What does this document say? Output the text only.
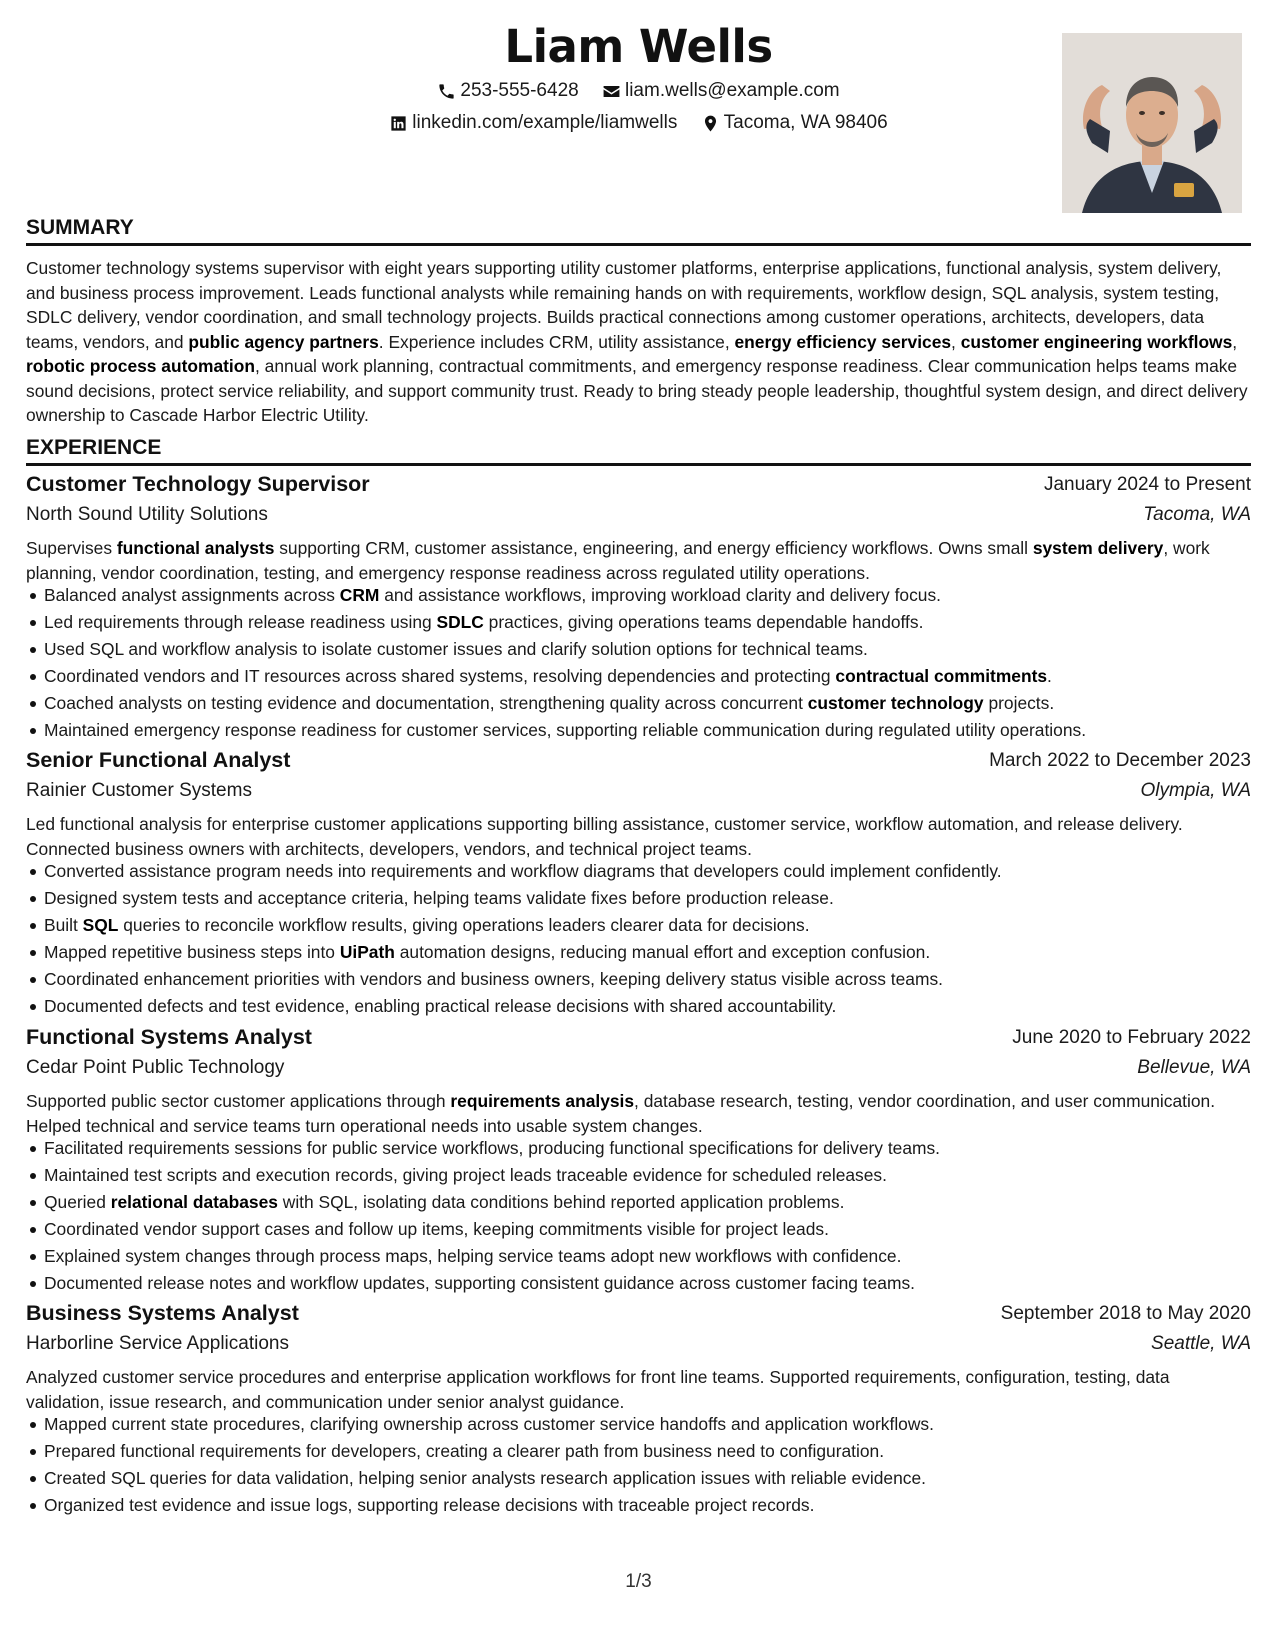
Liam Wells
253-555-6428
liam.wells@example.com
linkedin.com/example/liamwells
Tacoma, WA 98406
SUMMARY
Customer technology systems supervisor with eight years supporting utility customer platforms, enterprise applications, functional analysis, system delivery, and business process improvement. Leads functional analysts while remaining hands on with requirements, workflow design, SQL analysis, system testing, SDLC delivery, vendor coordination, and small technology projects. Builds practical connections among customer operations, architects, developers, data teams, vendors, and public agency partners. Experience includes CRM, utility assistance, energy efficiency services, customer engineering workflows, robotic process automation, annual work planning, contractual commitments, and emergency response readiness. Clear communication helps teams make sound decisions, protect service reliability, and support community trust. Ready to bring steady people leadership, thoughtful system design, and direct delivery ownership to Cascade Harbor Electric Utility.
EXPERIENCE
Customer Technology Supervisor	January 2024 to Present
North Sound Utility Solutions	Tacoma, WA
Supervises functional analysts supporting CRM, customer assistance, engineering, and energy efficiency workflows. Owns small system delivery, work planning, vendor coordination, testing, and emergency response readiness across regulated utility operations.
Balanced analyst assignments across CRM and assistance workflows, improving workload clarity and delivery focus.
Led requirements through release readiness using SDLC practices, giving operations teams dependable handoffs.
Used SQL and workflow analysis to isolate customer issues and clarify solution options for technical teams.
Coordinated vendors and IT resources across shared systems, resolving dependencies and protecting contractual commitments.
Coached analysts on testing evidence and documentation, strengthening quality across concurrent customer technology projects.
Maintained emergency response readiness for customer services, supporting reliable communication during regulated utility operations.
Senior Functional Analyst	March 2022 to December 2023
Rainier Customer Systems	Olympia, WA
Led functional analysis for enterprise customer applications supporting billing assistance, customer service, workflow automation, and release delivery. Connected business owners with architects, developers, vendors, and technical project teams.
Converted assistance program needs into requirements and workflow diagrams that developers could implement confidently.
Designed system tests and acceptance criteria, helping teams validate fixes before production release.
Built SQL queries to reconcile workflow results, giving operations leaders clearer data for decisions.
Mapped repetitive business steps into UiPath automation designs, reducing manual effort and exception confusion.
Coordinated enhancement priorities with vendors and business owners, keeping delivery status visible across teams.
Documented defects and test evidence, enabling practical release decisions with shared accountability.
Functional Systems Analyst	June 2020 to February 2022
Cedar Point Public Technology	Bellevue, WA
Supported public sector customer applications through requirements analysis, database research, testing, vendor coordination, and user communication. Helped technical and service teams turn operational needs into usable system changes.
Facilitated requirements sessions for public service workflows, producing functional specifications for delivery teams.
Maintained test scripts and execution records, giving project leads traceable evidence for scheduled releases.
Queried relational databases with SQL, isolating data conditions behind reported application problems.
Coordinated vendor support cases and follow up items, keeping commitments visible for project leads.
Explained system changes through process maps, helping service teams adopt new workflows with confidence.
Documented release notes and workflow updates, supporting consistent guidance across customer facing teams.
Business Systems Analyst	September 2018 to May 2020
Harborline Service Applications	Seattle, WA
Analyzed customer service procedures and enterprise application workflows for front line teams. Supported requirements, configuration, testing, data validation, issue research, and communication under senior analyst guidance.
Mapped current state procedures, clarifying ownership across customer service handoffs and application workflows.
Prepared functional requirements for developers, creating a clearer path from business need to configuration.
Created SQL queries for data validation, helping senior analysts research application issues with reliable evidence.
Organized test evidence and issue logs, supporting release decisions with traceable project records.
1/3
